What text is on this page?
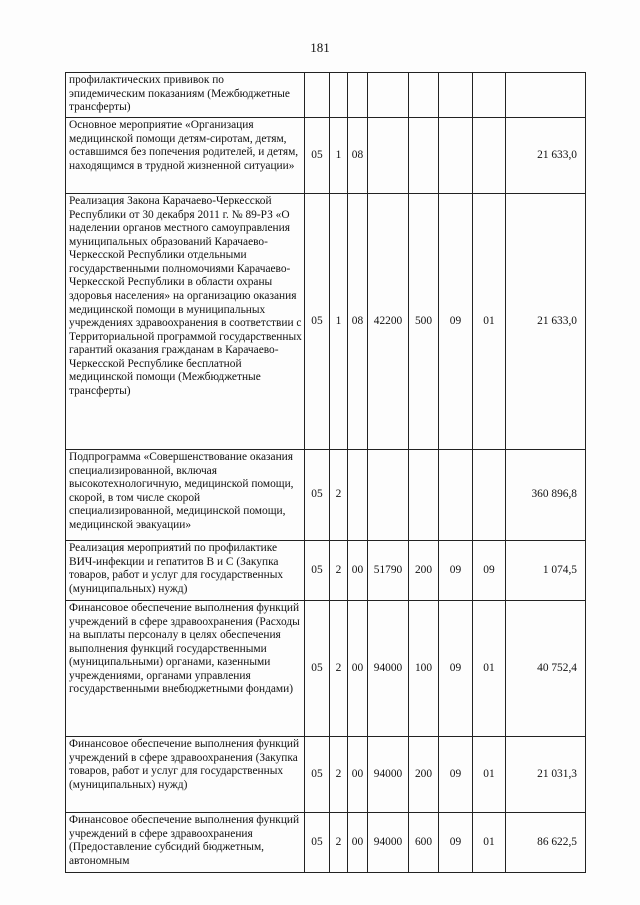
181
профилактических прививок по эпидемическим показаниям (Межбюджетные трансферты)								
Основное мероприятие «Организация медицинской помощи детям-сиротам, детям, оставшимся без попечения родителей, и детям, находящимся в трудной жизненной ситуации»	05	1	08					21 633,0
Реализация Закона Карачаево-Черкесской Республики от 30 декабря 2011 г. № 89-РЗ «О наделении органов местного самоуправления муниципальных образований Карачаево-Черкесской Республики отдельными государственными полномочиями Карачаево-Черкесской Республики в области охраны здоровья населения» на организацию оказания медицинской помощи в муниципальных учреждениях здравоохранения в соответствии с Территориальной программой государственных гарантий оказания гражданам в Карачаево-Черкесской Республике бесплатной медицинской помощи (Межбюджетные трансферты)	05	1	08	42200	500	09	01	21 633,0
Подпрограмма «Совершенствование оказания специализированной, включая высокотехнологичную, медицинской помощи, скорой, в том числе скорой специализированной, медицинской помощи, медицинской эвакуации»	05	2						360 896,8
Реализация мероприятий по профилактике ВИЧ-инфекции и гепатитов В и С (Закупка товаров, работ и услуг для государственных (муниципальных) нужд)	05	2	00	51790	200	09	09	1 074,5
Финансовое обеспечение выполнения функций учреждений в сфере здравоохранения (Расходы на выплаты персоналу в целях обеспечения выполнения функций государственными (муниципальными) органами, казенными учреждениями, органами управления государственными внебюджетными фондами)	05	2	00	94000	100	09	01	40 752,4
Финансовое обеспечение выполнения функций учреждений в сфере здравоохранения (Закупка товаров, работ и услуг для государственных (муниципальных) нужд)	05	2	00	94000	200	09	01	21 031,3
Финансовое обеспечение выполнения функций учреждений в сфере здравоохранения (Предоставление субсидий бюджетным, автономным	05	2	00	94000	600	09	01	86 622,5
